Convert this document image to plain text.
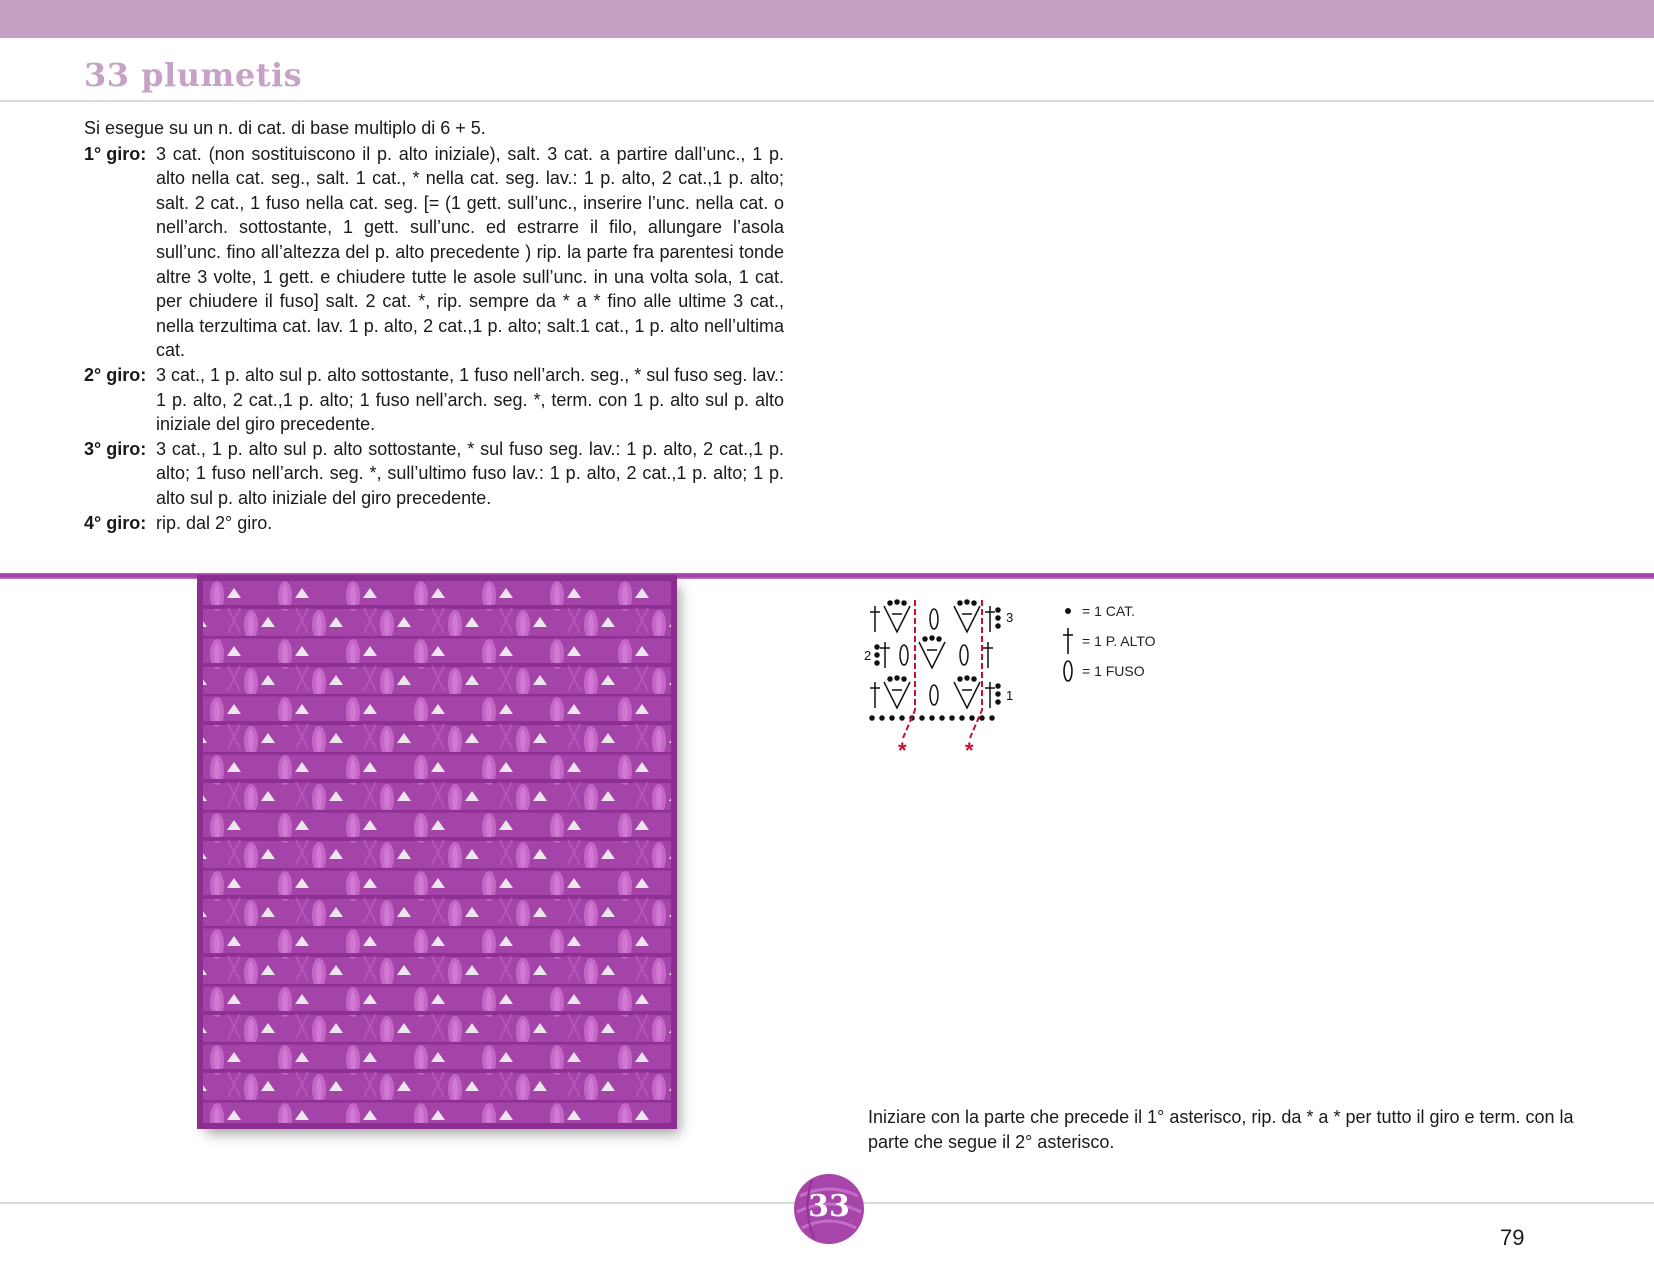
33 plumetis

Si esegue su un n. di cat. di base multiplo di 6 + 5.

1° giro: 3 cat. (non sostituiscono il p. alto iniziale), salt. 3 cat. a partire dall’unc., 1 p. alto nella cat. seg., salt. 1 cat., * nella cat. seg. lav.: 1 p. alto, 2 cat.,1 p. alto; salt. 2 cat., 1 fuso nella cat. seg. [= (1 gett. sull’unc., inserire l’unc. nella cat. o nell’arch. sottostante, 1 gett. sull’unc. ed estrarre il filo, allungare l’asola sull’unc. fino all’altezza del p. alto precedente ) rip. la parte fra parentesi tonde altre 3 volte, 1 gett. e chiudere tutte le asole sull’unc. in una volta sola, 1 cat. per chiudere il fuso] salt. 2 cat. *, rip. sempre da * a * fino alle ultime 3 cat., nella terzultima cat. lav. 1 p. alto, 2 cat.,1 p. alto; salt.1 cat., 1 p. alto nell’ultima cat.
2° giro: 3 cat., 1 p. alto sul p. alto sottostante, 1 fuso nell’arch. seg., * sul fuso seg. lav.: 1 p. alto, 2 cat.,1 p. alto; 1 fuso nell’arch. seg. *, term. con 1 p. alto sul p. alto iniziale del giro precedente.
3° giro: 3 cat., 1 p. alto sul p. alto sottostante, * sul fuso seg. lav.: 1 p. alto, 2 cat.,1 p. alto; 1 fuso nell’arch. seg. *, sull’ultimo fuso lav.: 1 p. alto, 2 cat.,1 p. alto; 1 p. alto sul p. alto iniziale del giro precedente.
4° giro: rip. dal 2° giro.
3
2
1
*	*
= 1 CAT.
= 1 P. ALTO
= 1 FUSO

Iniziare con la parte che precede il 1° asterisco, rip. da * a * per tutto il giro e term. con la parte che segue il 2° asterisco.

33
79
